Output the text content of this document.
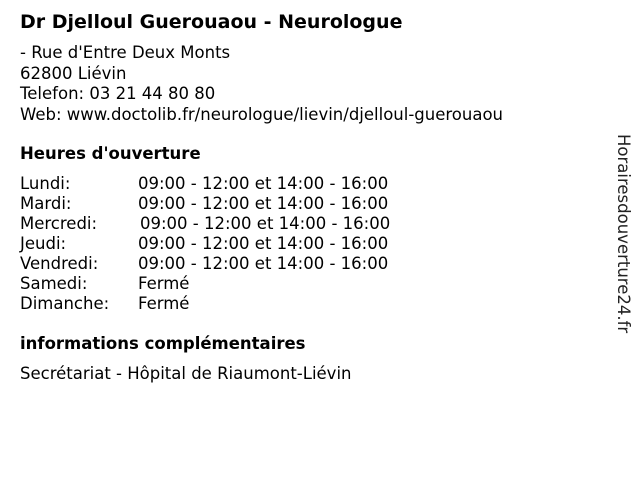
Dr Djelloul Guerouaou - Neurologue
- Rue d'Entre Deux Monts
62800 Liévin
Telefon: 03 21 44 80 80
Web: www.doctolib.fr/neurologue/lievin/djelloul-guerouaou
Heures d'ouverture
Lundi:	09:00 - 12:00 et 14:00 - 16:00
Mardi:	09:00 - 12:00 et 14:00 - 16:00
Mercredi:	09:00 - 12:00 et 14:00 - 16:00
Jeudi:	09:00 - 12:00 et 14:00 - 16:00
Vendredi: 09:00 - 12:00 et 14:00 - 16:00
Samedi:	Fermé
Dimanche: Fermé
informations complémentaires
Secrétariat - Hôpital de Riaumont-Liévin
Horairesdouverture24.fr
